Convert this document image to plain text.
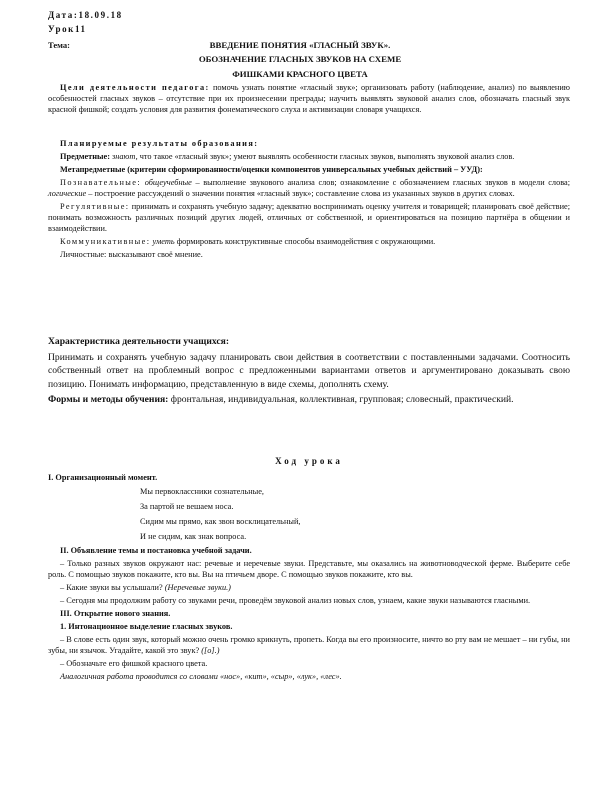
Дата:18.09.18
Урок11
Тема:	ВВЕДЕНИЕ ПОНЯТИЯ «ГЛАСНЫЙ ЗВУК».
ОБОЗНАЧЕНИЕ ГЛАСНЫХ ЗВУКОВ НА СХЕМЕ
ФИШКАМИ КРАСНОГО ЦВЕТА

Цели деятельности педагога: помочь узнать понятие «гласный звук»; организовать работу (наблюдение, анализ) по выявлению особенностей гласных звуков – отсутствие при их произнесении преграды; научить выявлять звуковой анализ слов, обозначать гласный звук красной фишкой; создать условия для развития фонематического слуха и активизации словаря учащихся.

Планируемые результаты образования:

Предметные: знают, что такое «гласный звук»; умеют выявлять особенности гласных звуков, выполнять звуковой анализ слов.

Метапредметные (критерии сформированности/оценки компонентов универсальных учебных действий – УУД):

Познавательные: общеучебные – выполнение звукового анализа слов; ознакомление с обозначением гласных звуков в модели слова; логические – построение рассуждений о значении понятия «гласный звук»; составление слова из указанных звуков в других словах.

Регулятивные: принимать и сохранять учебную задачу; адекватно воспринимать оценку учителя и товарищей; планировать своё действие; понимать возможность различных позиций других людей, отличных от собственной, и ориентироваться на позицию партнёра в общении и взаимодействии.

Коммуникативные: уметь формировать конструктивные способы взаимодействия с окружающими.

Личностные: высказывают своё мнение.

Характеристика деятельности учащихся:

Принимать и сохранять учебную задачу планировать свои действия в соответствии с поставленными задачами. Соотносить собственный ответ на проблемный вопрос с предложенными вариантами ответов и аргументировано доказывать свою позицию. Понимать информацию, представленную в виде схемы, дополнять схему.

Формы и методы обучения: фронтальная, индивидуальная, коллективная, групповая; словесный, практический.

Ход урока

I. Организационный момент.

Мы первоклассники сознательные,
За партой не вешаем носа.
Сидим мы прямо, как звон восклицательный,
И не сидим, как знак вопроса.

II. Объявление темы и постановка учебной задачи.

– Только разных звуков окружают нас: речевые и неречевые звуки. Представьте, мы оказались на животноводческой ферме. Выберите себе роль. С помощью звуков покажите, кто вы. Вы на птичьем дворе. С помощью звуков покажите, кто вы.

– Какие звуки вы услышали? (Неречевые звуки.)

– Сегодня мы продолжим работу со звуками речи, проведём звуковой анализ новых слов, узнаем, какие звуки называются гласными.

III. Открытие нового знания.

1. Интонационное выделение гласных звуков.

– В слове есть один звук, который можно очень громко крикнуть, пропеть. Когда вы его произносите, ничто во рту вам не мешает – ни губы, ни зубы, ни язычок. Угадайте, какой это звук? ([о].)

– Обозначьте его фишкой красного цвета.

Аналогичная работа проводится со словами «нос», «кит», «сыр», «лук», «лес».
